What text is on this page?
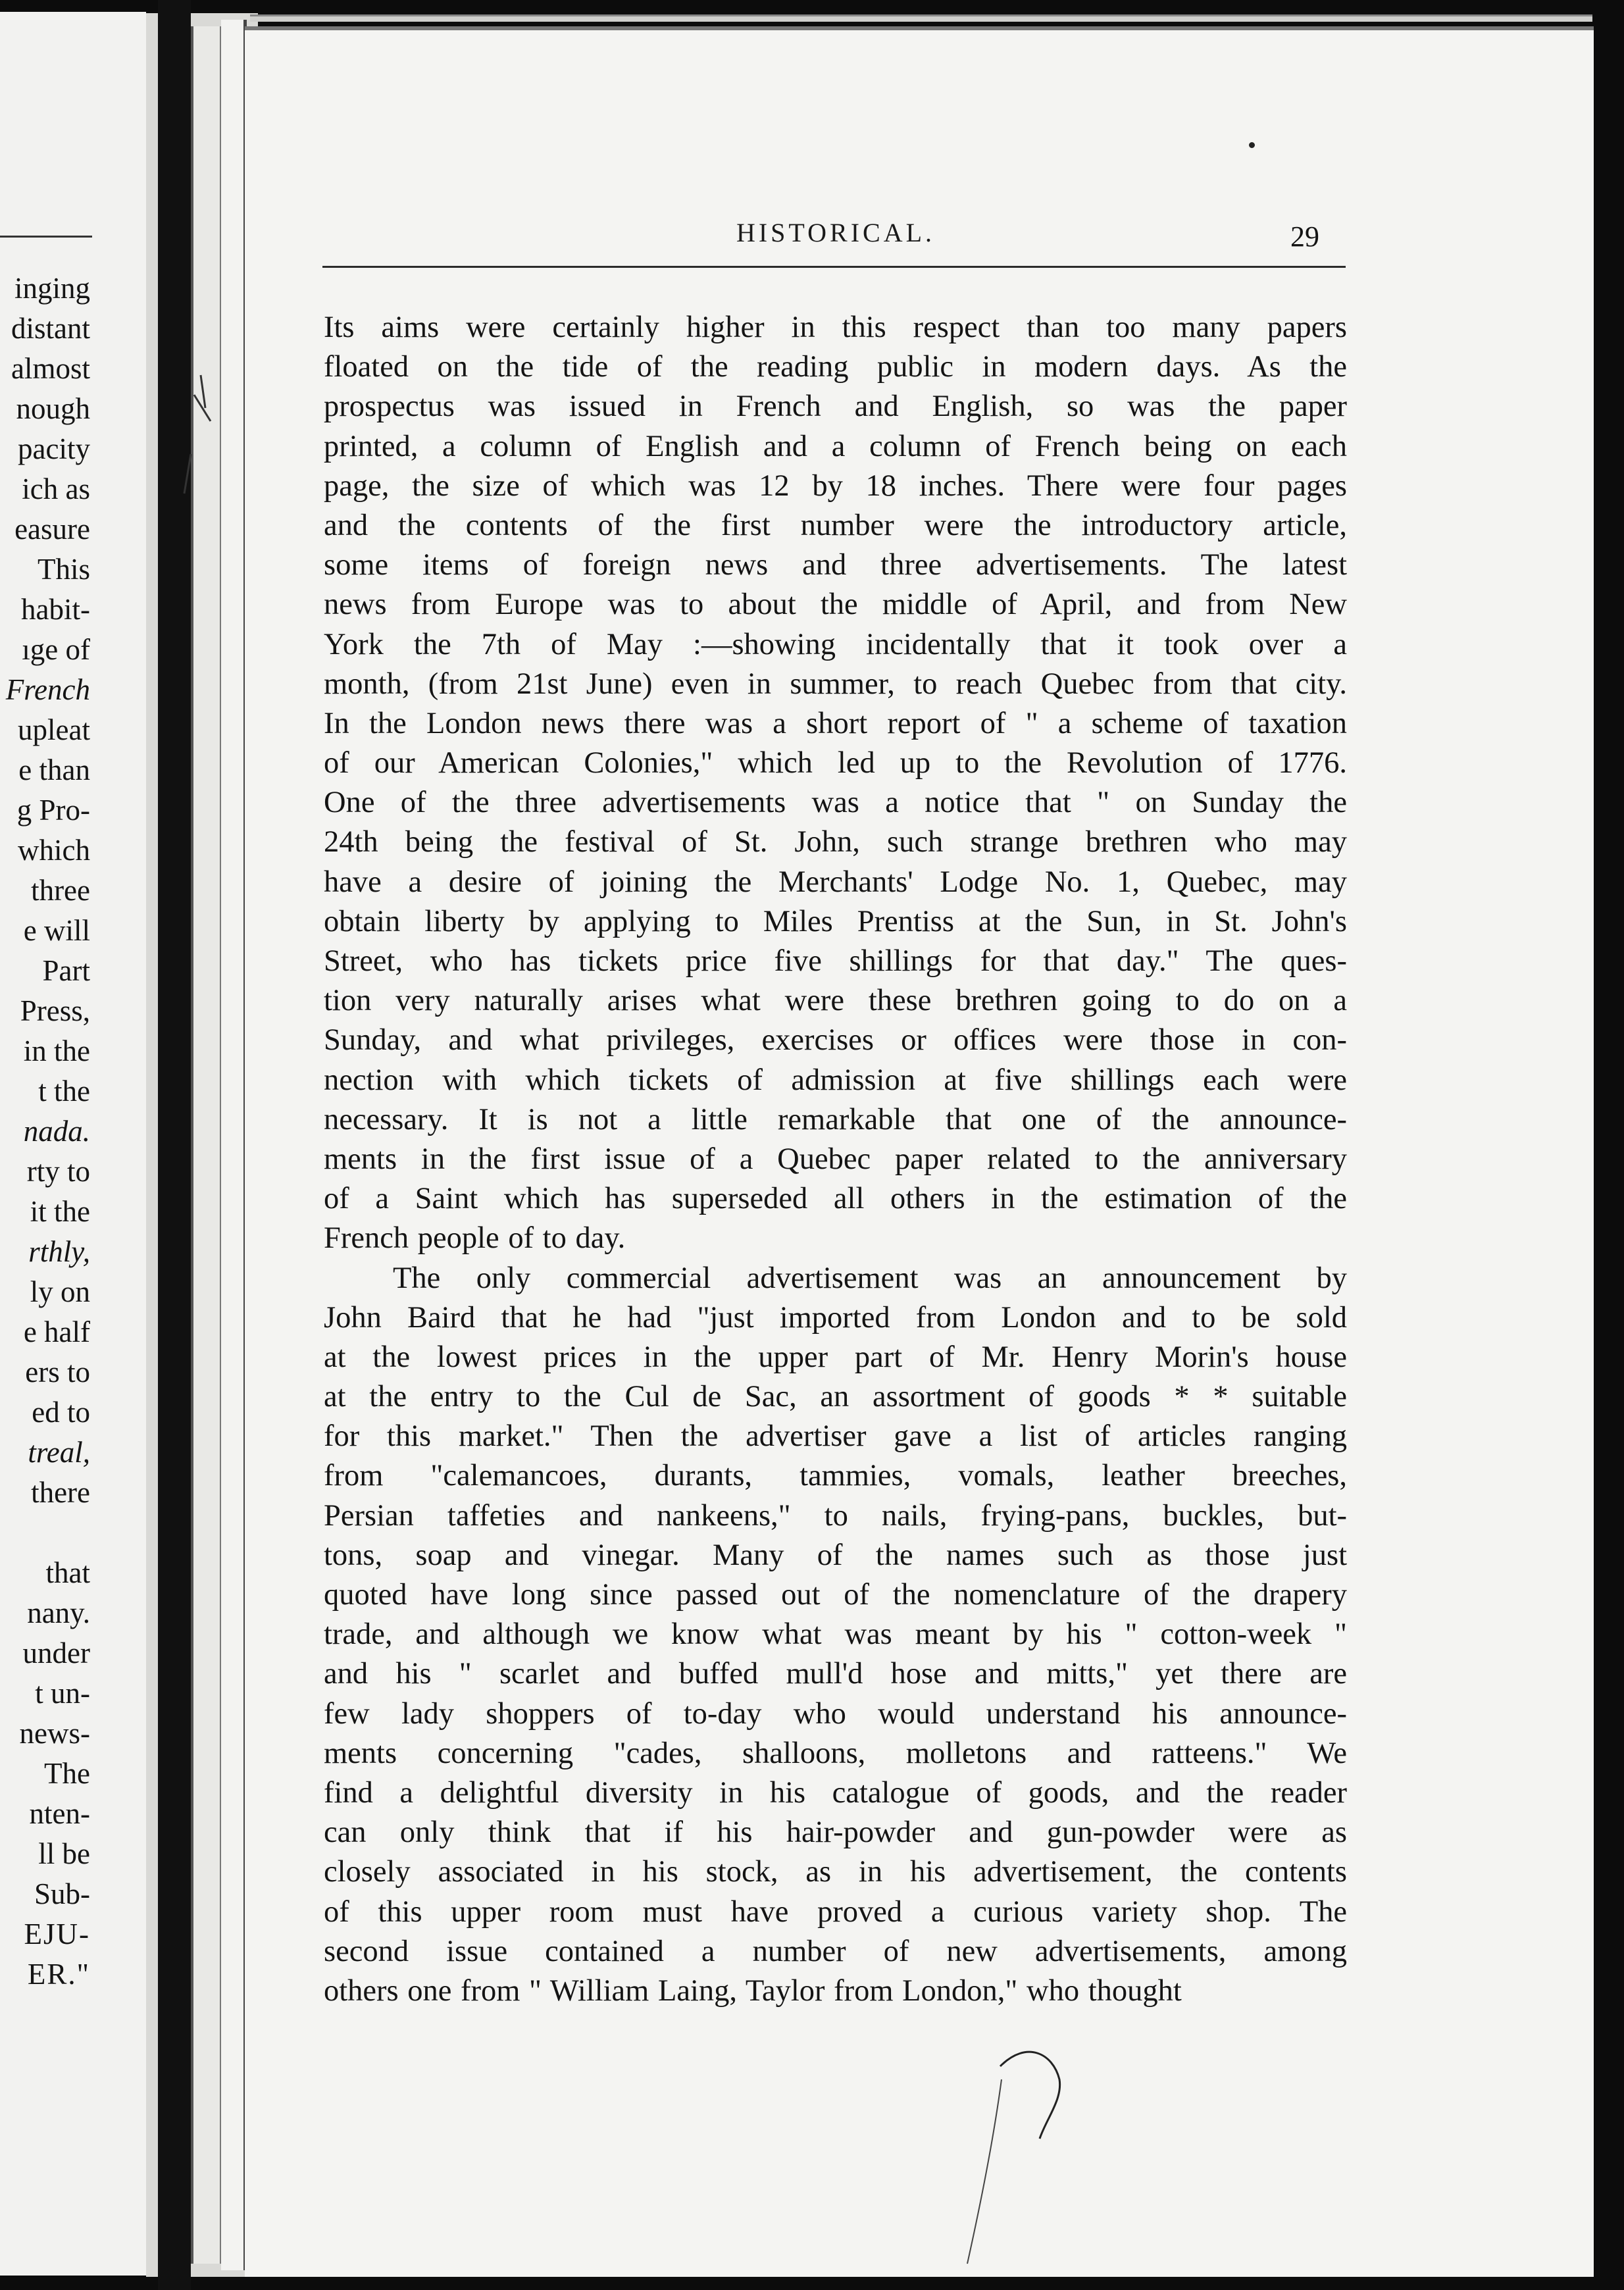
inging
distant
almost
nough
pacity
ich as
easure
This
habit-
ıge of
French
upleat
e than
g Pro-
which
three
e will
Part
Press,
in the
t the
nada.
rty to
it the
rthly,
ly on
e half
ers to
ed to
treal,
there
that
nany.
under
t un-
news-
The
nten-
ll be
Sub-
EJU-
ER."
HISTORICAL.	29
Its aims were certainly higher in this respect than too many papers
floated on the tide of the reading public in modern days. As the
prospectus was issued in French and English, so was the paper
printed, a column of English and a column of French being on each
page, the size of which was 12 by 18 inches. There were four pages
and the contents of the first number were the introductory article,
some items of foreign news and three advertisements. The latest
news from Europe was to about the middle of April, and from New
York the 7th of May :—showing incidentally that it took over a
month, (from 21st June) even in summer, to reach Quebec from that city.
In the London news there was a short report of " a scheme of taxation
of our American Colonies," which led up to the Revolution of 1776.
One of the three advertisements was a notice that " on Sunday the
24th being the festival of St. John, such strange brethren who may
have a desire of joining the Merchants' Lodge No. 1, Quebec, may
obtain liberty by applying to Miles Prentiss at the Sun, in St. John's
Street, who has tickets price five shillings for that day." The ques-
tion very naturally arises what were these brethren going to do on a
Sunday, and what privileges, exercises or offices were those in con-
nection with which tickets of admission at five shillings each were
necessary. It is not a little remarkable that one of the announce-
ments in the first issue of a Quebec paper related to the anniversary
of a Saint which has superseded all others in the estimation of the
French people of to day.
The only commercial advertisement was an announcement by
John Baird that he had "just imported from London and to be sold
at the lowest prices in the upper part of Mr. Henry Morin's house
at the entry to the Cul de Sac, an assortment of goods * * suitable
for this market." Then the advertiser gave a list of articles ranging
from "calemancoes, durants, tammies, vomals, leather breeches,
Persian taffeties and nankeens," to nails, frying-pans, buckles, but-
tons, soap and vinegar. Many of the names such as those just
quoted have long since passed out of the nomenclature of the drapery
trade, and although we know what was meant by his " cotton-week "
and his " scarlet and buffed mull'd hose and mitts," yet there are
few lady shoppers of to-day who would understand his announce-
ments concerning "cades, shalloons, molletons and ratteens." We
find a delightful diversity in his catalogue of goods, and the reader
can only think that if his hair-powder and gun-powder were as
closely associated in his stock, as in his advertisement, the contents
of this upper room must have proved a curious variety shop. The
second issue contained a number of new advertisements, among
others one from " William Laing, Taylor from London," who thought
